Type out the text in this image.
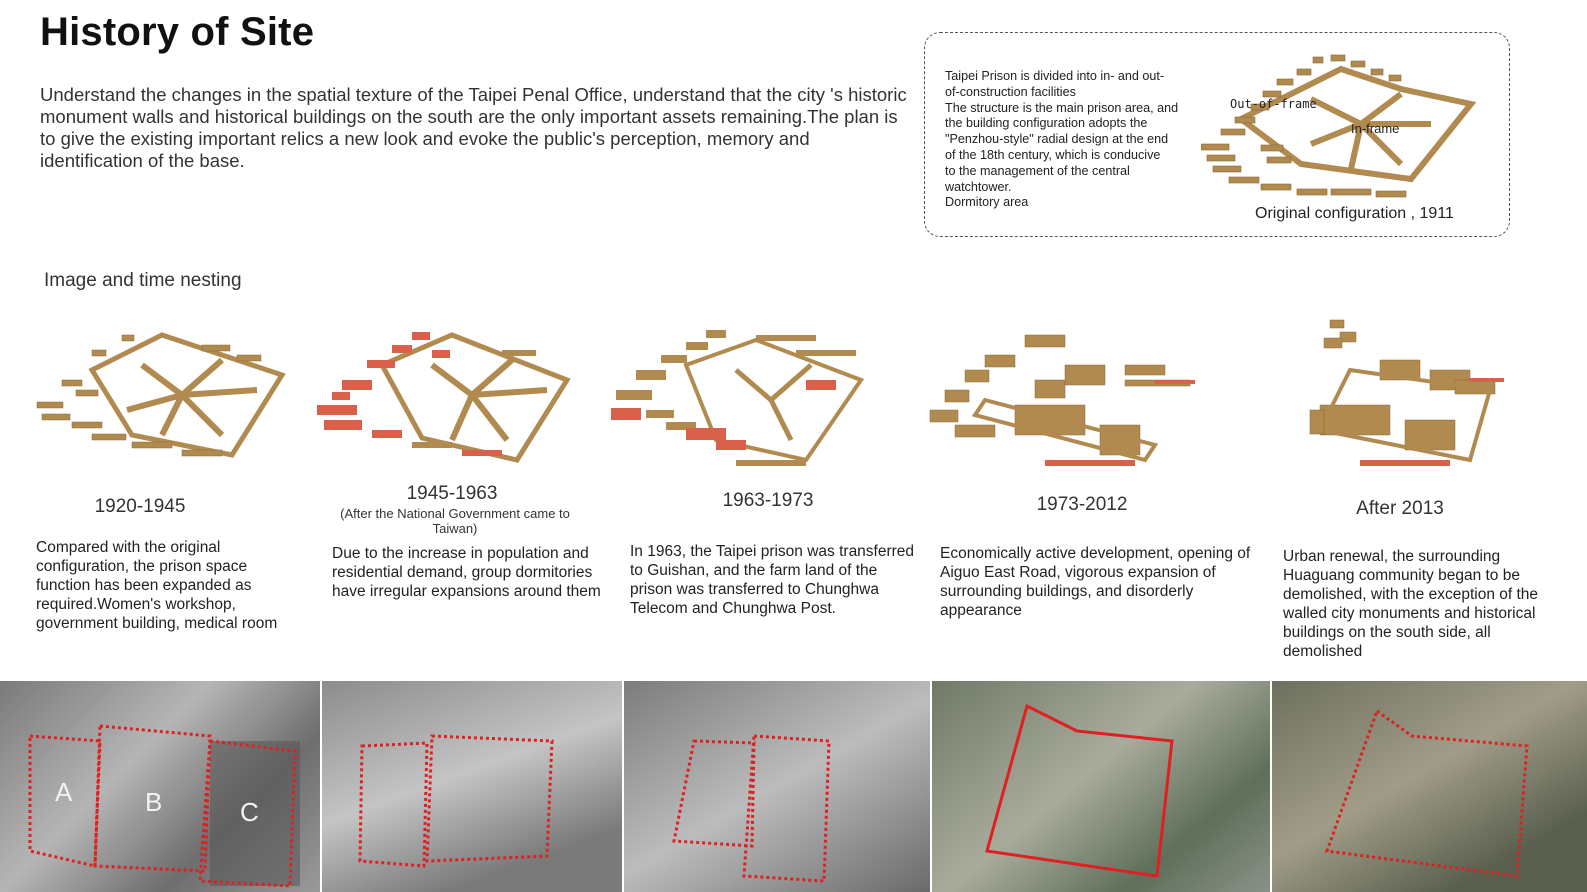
History of Site
Understand the changes in the spatial texture of the Taipei Penal Office, understand that the city 's historic monument walls and historical buildings on the south are the only important assets remaining.The plan is to give the existing important relics a new look and evoke the public's perception, memory and identification of the base.
Taipei Prison is divided into in- and out-
of-construction facilities
The structure is the main prison area, and
the building configuration adopts the
"Penzhou-style" radial design at the end
of the 18th century, which is conducive
to the management of the central
watchtower.
Dormitory area
Out-of-frame
In-frame
Original configuration , 1911
Image and time nesting
1920-1945
Compared with the original configuration, the prison space function has been expanded as required.Women's workshop, government building, medical room
1945-1963
(After the National Government came to Taiwan)
Due to the increase in population and residential demand, group dormitories have irregular expansions around them
1963-1973
In 1963, the Taipei prison was transferred to Guishan, and the farm land of the prison was transferred to Chunghwa Telecom and Chunghwa Post.
1973-2012
Economically active development, opening of Aiguo East Road, vigorous expansion of surrounding buildings, and disorderly appearance
After 2013
Urban renewal, the surrounding Huaguang community began to be demolished, with the exception of the walled city monuments and historical buildings on the south side, all demolished
A	B	C
